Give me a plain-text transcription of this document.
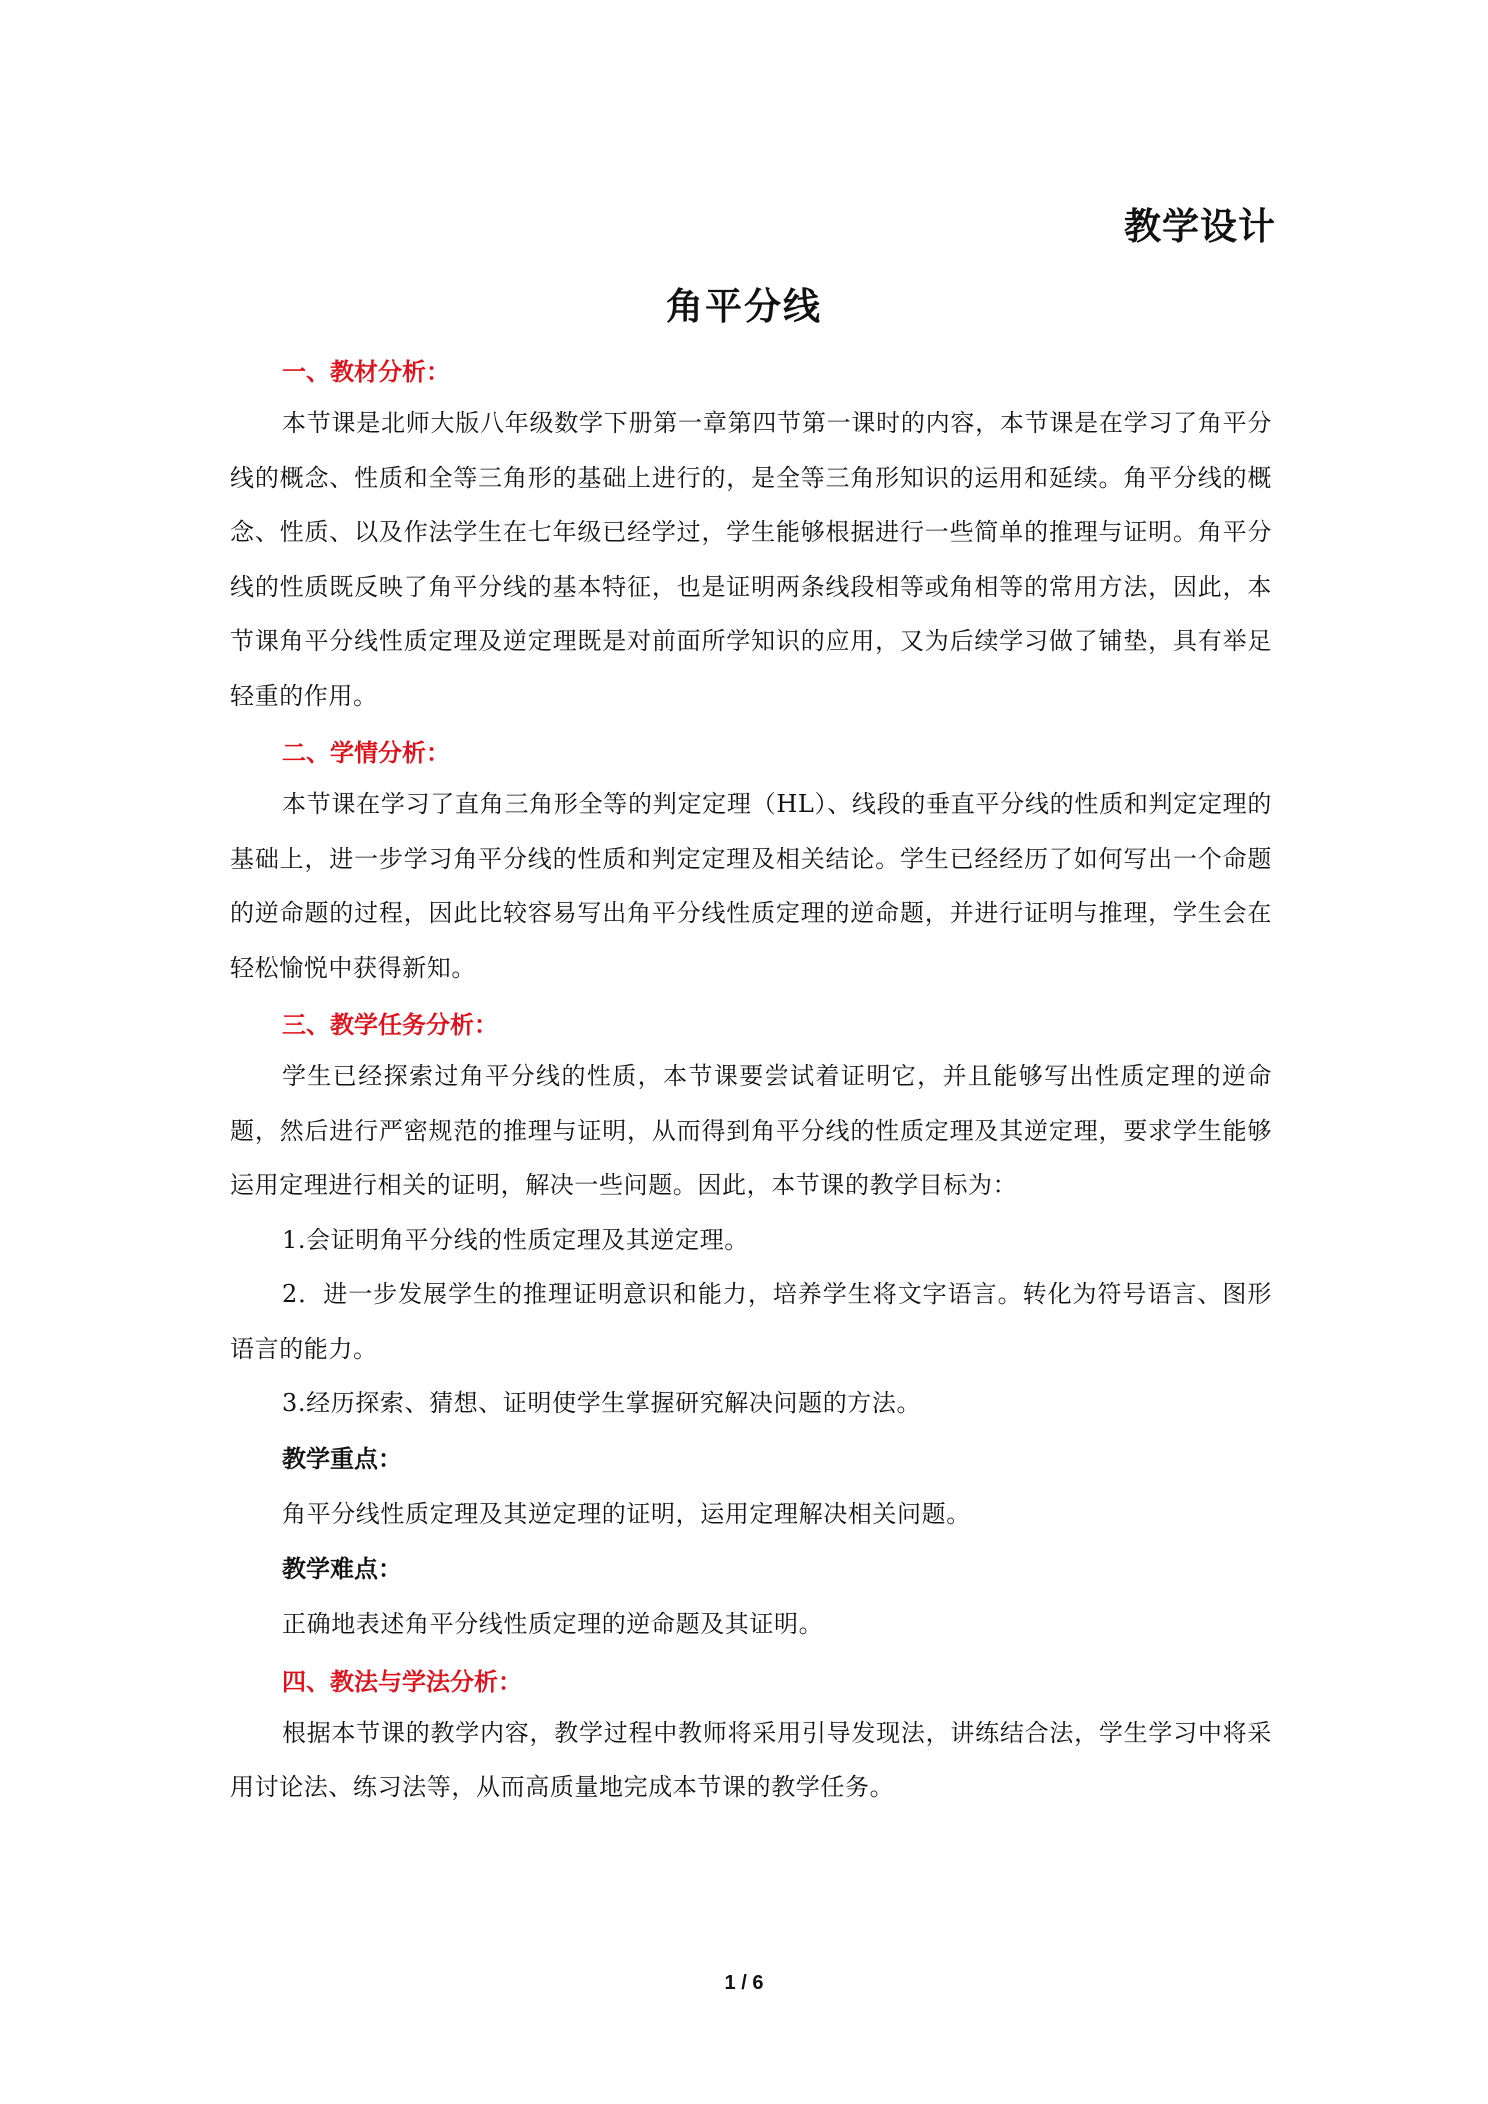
教学设计
角平分线
一、教材分析：

本节课是北师大版八年级数学下册第一章第四节第一课时的内容，本节课是在学习了角平分线的概念、性质和全等三角形的基础上进行的，是全等三角形知识的运用和延续。角平分线的概念、性质、以及作法学生在七年级已经学过，学生能够根据进行一些简单的推理与证明。角平分线的性质既反映了角平分线的基本特征，也是证明两条线段相等或角相等的常用方法，因此，本节课角平分线性质定理及逆定理既是对前面所学知识的应用，又为后续学习做了铺垫，具有举足轻重的作用。

二、学情分析：

本节课在学习了直角三角形全等的判定定理（HL）、线段的垂直平分线的性质和判定定理的基础上，进一步学习角平分线的性质和判定定理及相关结论。学生已经经历了如何写出一个命题的逆命题的过程，因此比较容易写出角平分线性质定理的逆命题，并进行证明与推理，学生会在轻松愉悦中获得新知。

三、教学任务分析：

学生已经探索过角平分线的性质，本节课要尝试着证明它，并且能够写出性质定理的逆命题，然后进行严密规范的推理与证明，从而得到角平分线的性质定理及其逆定理，要求学生能够运用定理进行相关的证明，解决一些问题。因此，本节课的教学目标为：

1.会证明角平分线的性质定理及其逆定理。

2．进一步发展学生的推理证明意识和能力，培养学生将文字语言。转化为符号语言、图形语言的能力。

3.经历探索、猜想、证明使学生掌握研究解决问题的方法。

教学重点：

角平分线性质定理及其逆定理的证明，运用定理解决相关问题。

教学难点：

正确地表述角平分线性质定理的逆命题及其证明。

四、教法与学法分析：

根据本节课的教学内容，教学过程中教师将采用引导发现法，讲练结合法，学生学习中将采用讨论法、练习法等，从而高质量地完成本节课的教学任务。

1 / 6
